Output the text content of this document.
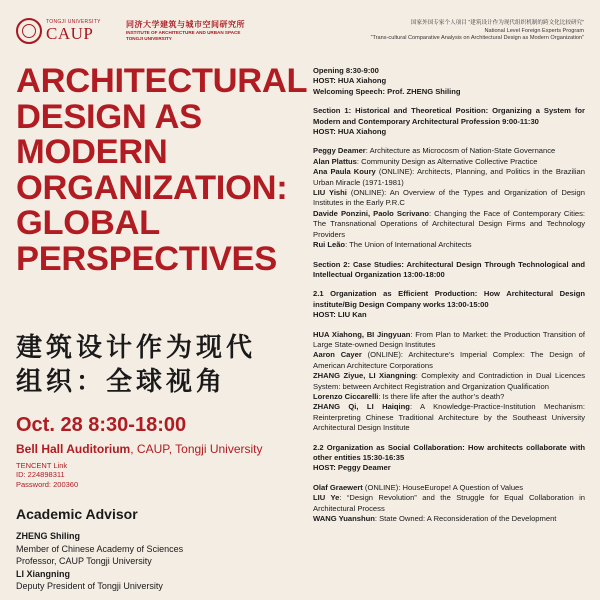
TONGJI UNIVERSITY
CAUP	同济大学建筑与城市空间研究所
INSTITUTE OF ARCHITECTURE AND URBAN SPACE
TONGJI UNIVERSITY
国家外国专家个人项目 “建筑设计作为现代组织机制的跨文化比较研究”
National Level Foreign Experts Program
“Trans-cultural Comparative Analysis on Architectural Design as Modern Organization”
ARCHITECTURAL
DESIGN AS
MODERN
ORGANIZATION:
GLOBAL
PERSPECTIVES
建筑设计作为现代
组织：全球视角
Oct. 28 8:30-18:00
Bell Hall Auditorium, CAUP, Tongji University
TENCENT Link
ID: 224898311
Password: 200360
Academic Advisor
ZHENG Shiling
Member of Chinese Academy of Sciences
Professor, CAUP Tongji University
LI Xiangning
Deputy President of Tongji University

Opening 8:30-9:00

HOST: HUA Xiahong

Welcoming Speech: Prof. ZHENG Shiling

Section 1: Historical and Theoretical Position: Organizing a System for Modern and Contemporary Architectural Profession 9:00-11:30

HOST: HUA Xiahong

Peggy Deamer: Architecture as Microcosm of Nation-State Governance

Alan Plattus: Community Design as Alternative Collective Practice

Ana Paula Koury (ONLINE): Architects, Planning, and Politics in the Brazilian Urban Miracle (1971-1981)

LIU Yishi (ONLINE): An Overview of the Types and Organization of Design Institutes in the Early P.R.C

Davide Ponzini, Paolo Scrivano: Changing the Face of Contemporary Cities: The Transnational Operations of Architectural Design Firms and Technology Providers

Rui Leão: The Union of International Architects

Section 2: Case Studies: Architectural Design Through Technological and Intellectual Organization 13:00-18:00

2.1 Organization as Efficient Production: How Architectural Design institute/Big Design Company works 13:00-15:00

HOST: LIU Kan

HUA Xiahong, BI Jingyuan: From Plan to Market: the Production Transition of Large State-owned Design Institutes

Aaron Cayer (ONLINE): Architecture’s Imperial Complex: The Design of American Architecture Corporations

ZHANG Ziyue, LI Xiangning: Complexity and Contradiction in Dual Licences System: between Architect Registration and Organization Qualification

Lorenzo Ciccarelli: Is there life after the author’s death?

ZHANG Qi, LI Haiqing: A Knowledge-Practice-Institution Mechanism: Reinterpreting Chinese Traditional Architecture by the Southeast University Architectural Design Institute

2.2 Organization as Social Collaboration: How architects collaborate with other entities 15:30-16:35

HOST: Peggy Deamer

Olaf Graewert (ONLINE): HouseEurope! A Question of Values

LIU Ye: “Design Revolution” and the Struggle for Equal Collaboration in Architectural Process

WANG Yuanshun: State Owned: A Reconsideration of the Development
